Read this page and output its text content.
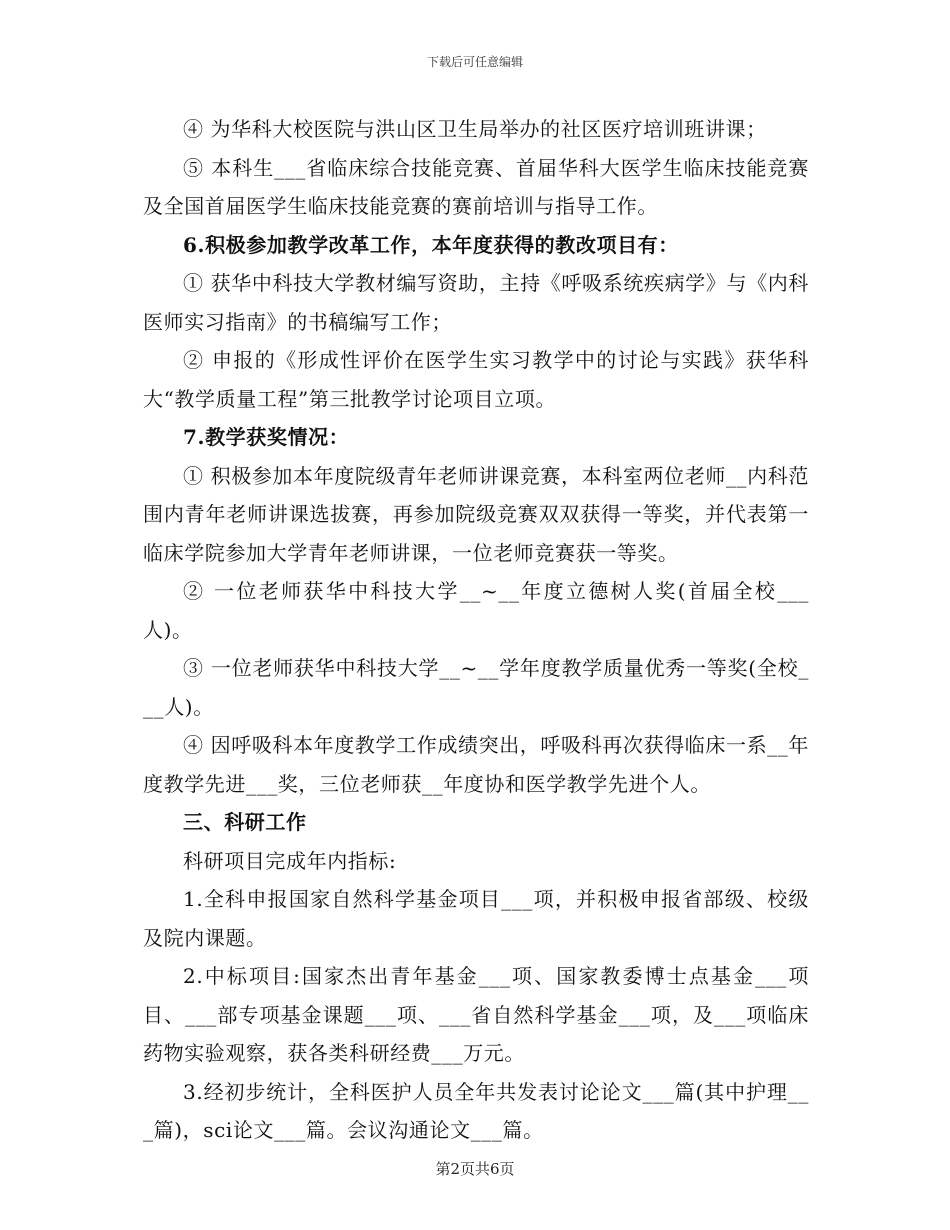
下载后可任意编辑

④ 为华科大校医院与洪山区卫生局举办的社区医疗培训班讲课；

⑤ 本科生___省临床综合技能竞赛、首届华科大医学生临床技能竞赛及全国首届医学生临床技能竞赛的赛前培训与指导工作。

6.积极参加教学改革工作，本年度获得的教改项目有：

① 获华中科技大学教材编写资助，主持《呼吸系统疾病学》与《内科医师实习指南》的书稿编写工作；

② 申报的《形成性评价在医学生实习教学中的讨论与实践》获华科大“教学质量工程”第三批教学讨论项目立项。

7.教学获奖情况：

① 积极参加本年度院级青年老师讲课竞赛，本科室两位老师__内科范围内青年老师讲课选拔赛，再参加院级竞赛双双获得一等奖，并代表第一临床学院参加大学青年老师讲课，一位老师竞赛获一等奖。

② 一位老师获华中科技大学__~__年度立德树人奖(首届全校___人)。

③ 一位老师获华中科技大学__~__学年度教学质量优秀一等奖(全校___人)。

④ 因呼吸科本年度教学工作成绩突出，呼吸科再次获得临床一系__年度教学先进___奖，三位老师获__年度协和医学教学先进个人。

三、科研工作

科研项目完成年内指标:

1.全科申报国家自然科学基金项目___项，并积极申报省部级、校级及院内课题。

2.中标项目:国家杰出青年基金___项、国家教委博士点基金___项目、___部专项基金课题___项、___省自然科学基金___项，及___项临床药物实验观察，获各类科研经费___万元。

3.经初步统计，全科医护人员全年共发表讨论论文___篇(其中护理___篇)，sci论文___篇。会议沟通论文___篇。

第2页共6页
